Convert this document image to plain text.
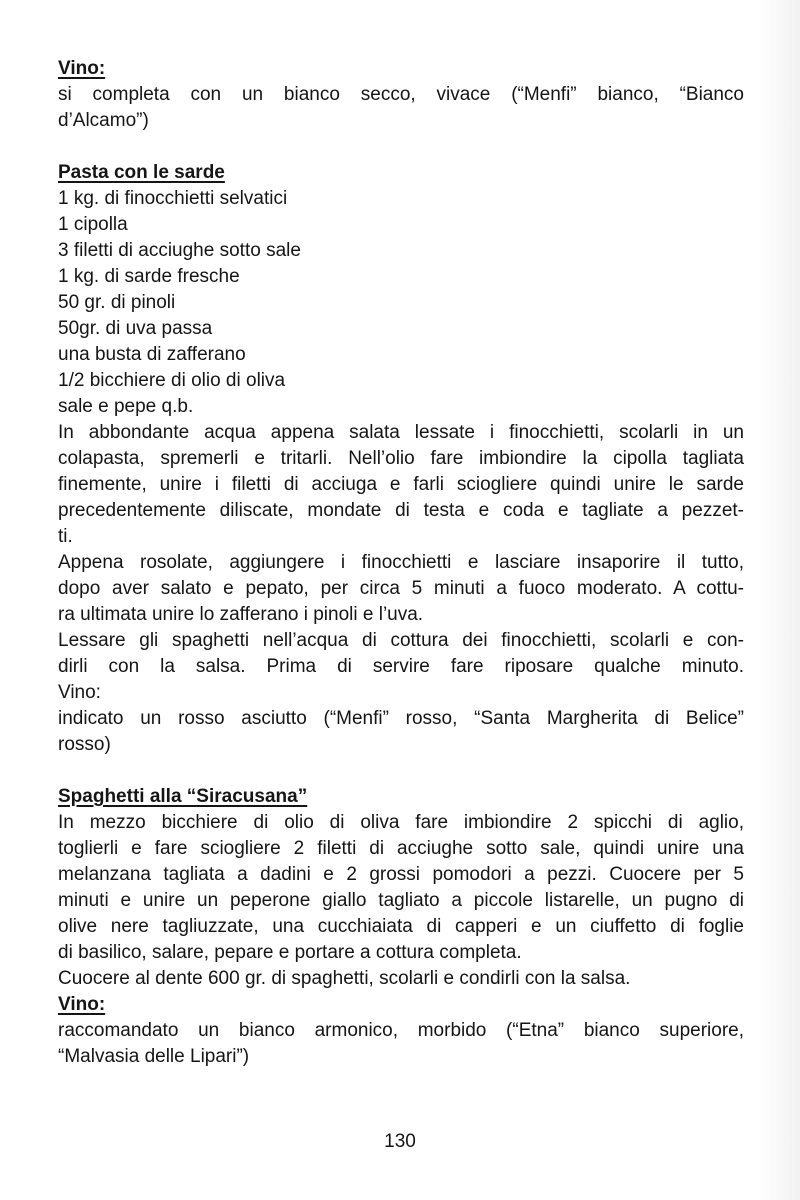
Vino:
si completa con un bianco secco, vivace (“Menfi” bianco, “Bianco
d’Alcamo”)
Pasta con le sarde
1 kg. di finocchietti selvatici
1 cipolla
3 filetti di acciughe sotto sale
1 kg. di sarde fresche
50 gr. di pinoli
50gr. di uva passa
una busta di zafferano
1/2 bicchiere di olio di oliva
sale e pepe q.b.
In abbondante acqua appena salata lessate i finocchietti, scolarli in un
colapasta, spremerli e tritarli. Nell’olio fare imbiondire la cipolla tagliata
finemente, unire i filetti di acciuga e farli sciogliere quindi unire le sarde
precedentemente diliscate, mondate di testa e coda e tagliate a pezzet-
ti.
Appena rosolate, aggiungere i finocchietti e lasciare insaporire il tutto,
dopo aver salato e pepato, per circa 5 minuti a fuoco moderato. A cottu-
ra ultimata unire lo zafferano i pinoli e l’uva.
Lessare gli spaghetti nell’acqua di cottura dei finocchietti, scolarli e con-
dirli con la salsa. Prima di servire fare riposare qualche minuto.
Vino:
indicato un rosso asciutto (“Menfi” rosso, “Santa Margherita di Belice”
rosso)
Spaghetti alla “Siracusana”
In mezzo bicchiere di olio di oliva fare imbiondire 2 spicchi di aglio,
toglierli e fare sciogliere 2 filetti di acciughe sotto sale, quindi unire una
melanzana tagliata a dadini e 2 grossi pomodori a pezzi. Cuocere per 5
minuti e unire un peperone giallo tagliato a piccole listarelle, un pugno di
olive nere tagliuzzate, una cucchiaiata di capperi e un ciuffetto di foglie
di basilico, salare, pepare e portare a cottura completa.
Cuocere al dente 600 gr. di spaghetti, scolarli e condirli con la salsa.
Vino:
raccomandato un bianco armonico, morbido (“Etna” bianco superiore,
“Malvasia delle Lipari”)
130
